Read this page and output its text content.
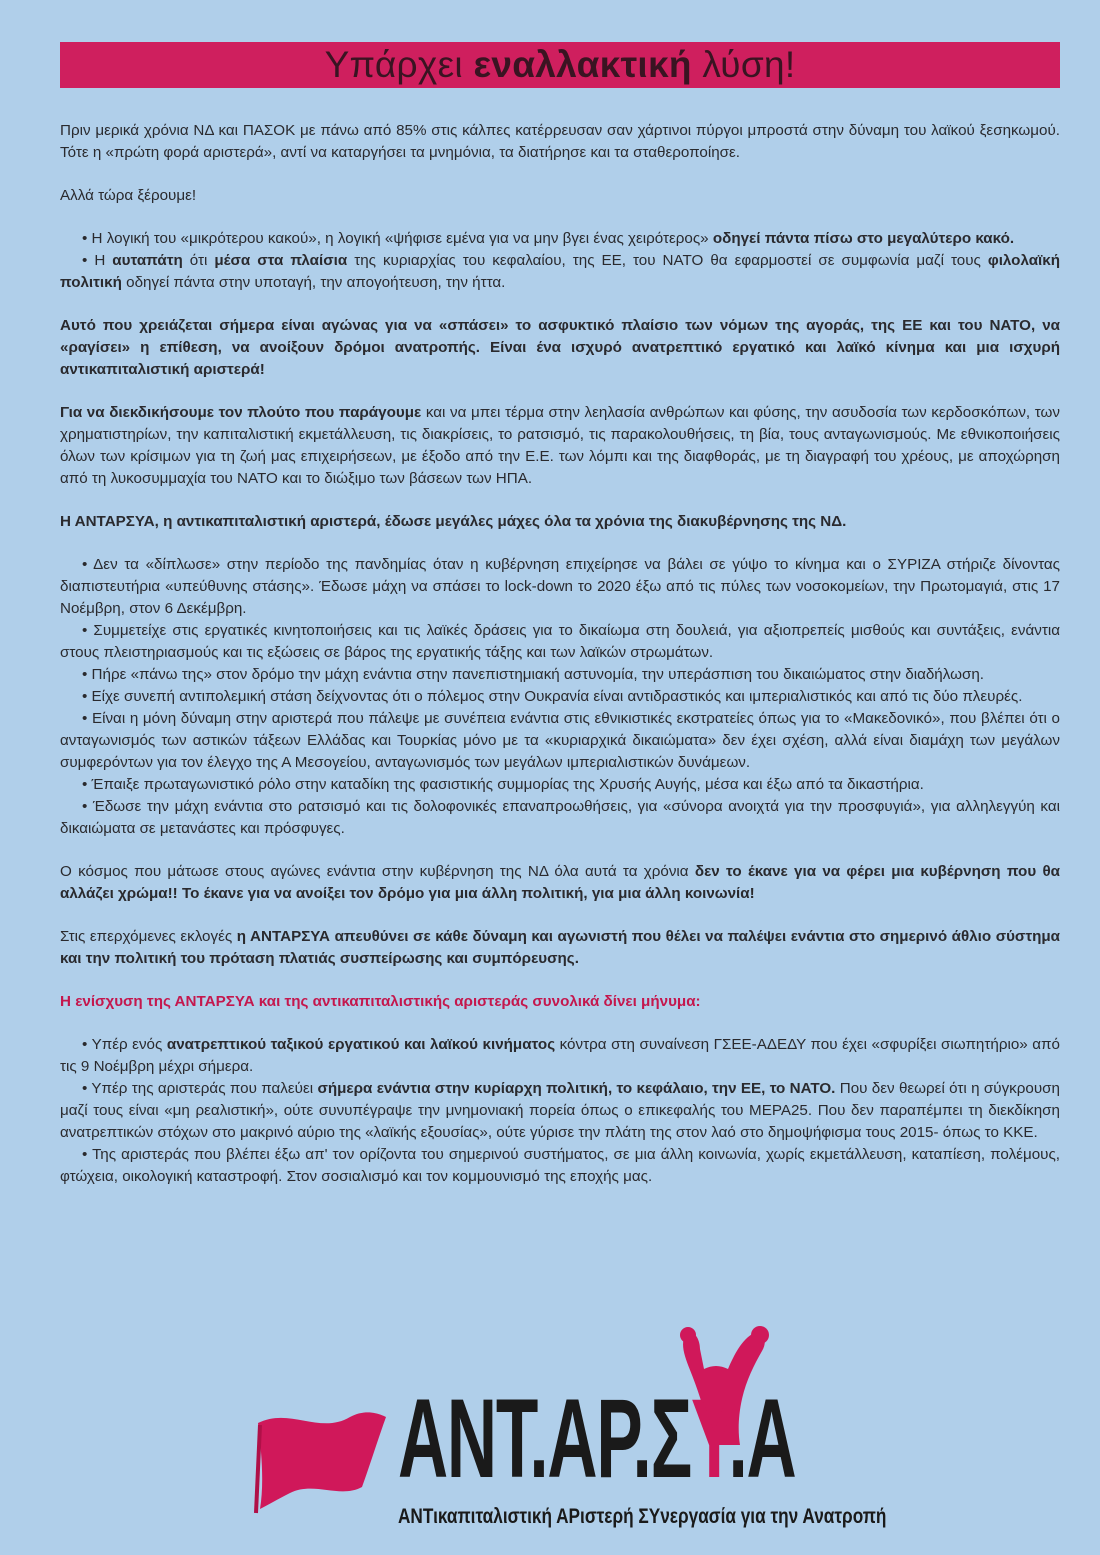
Υπάρχει εναλλακτική λύση!

Πριν μερικά χρόνια ΝΔ και ΠΑΣΟΚ με πάνω από 85% στις κάλπες κατέρρευσαν σαν χάρτινοι πύργοι μπροστά στην δύναμη του λαϊκού ξεσηκωμού. Τότε η «πρώτη φορά αριστερά», αντί να καταργήσει τα μνημόνια, τα διατήρησε και τα σταθεροποίησε.

Αλλά τώρα ξέρουμε!

• Η λογική του «μικρότερου κακού», η λογική «ψήφισε εμένα για να μην βγει ένας χειρότερος» οδηγεί πάντα πίσω στο μεγαλύτερο κακό.

• Η αυταπάτη ότι μέσα στα πλαίσια της κυριαρχίας του κεφαλαίου, της ΕΕ, του ΝΑΤΟ θα εφαρμοστεί σε συμφωνία μαζί τους φιλολαϊκή πολιτική οδηγεί πάντα στην υποταγή, την απογοήτευση, την ήττα.

Αυτό που χρειάζεται σήμερα είναι αγώνας για να «σπάσει» το ασφυκτικό πλαίσιο των νόμων της αγοράς, της ΕΕ και του ΝΑΤΟ, να «ραγίσει» η επίθεση, να ανοίξουν δρόμοι ανατροπής. Είναι ένα ισχυρό ανατρεπτικό εργατικό και λαϊκό κίνημα και μια ισχυρή αντικαπιταλιστική αριστερά!

Για να διεκδικήσουμε τον πλούτο που παράγουμε και να μπει τέρμα στην λεηλασία ανθρώπων και φύσης, την ασυδοσία των κερδοσκόπων, των χρηματιστηρίων, την καπιταλιστική εκμετάλλευση, τις διακρίσεις, το ρατσισμό, τις παρακολουθήσεις, τη βία, τους ανταγωνισμούς. Με εθνικοποιήσεις όλων των κρίσιμων για τη ζωή μας επιχειρήσεων, με έξοδο από την Ε.Ε. των λόμπι και της διαφθοράς, με τη διαγραφή του χρέους, με αποχώρηση από τη λυκοσυμμαχία του ΝΑΤΟ και το διώξιμο των βάσεων των ΗΠΑ.

Η ΑΝΤΑΡΣΥΑ, η αντικαπιταλιστική αριστερά, έδωσε μεγάλες μάχες όλα τα χρόνια της διακυβέρνησης της ΝΔ.

• Δεν τα «δίπλωσε» στην περίοδο της πανδημίας όταν η κυβέρνηση επιχείρησε να βάλει σε γύψο το κίνημα και ο ΣΥΡΙΖΑ στήριζε δίνοντας διαπιστευτήρια «υπεύθυνης στάσης». Έδωσε μάχη να σπάσει το lock-down το 2020 έξω από τις πύλες των νοσοκομείων, την Πρωτομαγιά, στις 17 Νοέμβρη, στον 6 Δεκέμβρη.

• Συμμετείχε στις εργατικές κινητοποιήσεις και τις λαϊκές δράσεις για το δικαίωμα στη δουλειά, για αξιοπρεπείς μισθούς και συντάξεις, ενάντια στους πλειστηριασμούς και τις εξώσεις σε βάρος της εργατικής τάξης και των λαϊκών στρωμάτων.

• Πήρε «πάνω της» στον δρόμο την μάχη ενάντια στην πανεπιστημιακή αστυνομία, την υπεράσπιση του δικαιώματος στην διαδήλωση.

• Είχε συνεπή αντιπολεμική στάση δείχνοντας ότι ο πόλεμος στην Ουκρανία είναι αντιδραστικός και ιμπεριαλιστικός και από τις δύο πλευρές.

• Είναι η μόνη δύναμη στην αριστερά που πάλεψε με συνέπεια ενάντια στις εθνικιστικές εκστρατείες όπως για το «Μακεδονικό», που βλέπει ότι ο ανταγωνισμός των αστικών τάξεων Ελλάδας και Τουρκίας μόνο με τα «κυριαρχικά δικαιώματα» δεν έχει σχέση, αλλά είναι διαμάχη των μεγάλων συμφερόντων για τον έλεγχο της Α Μεσογείου, ανταγωνισμός των μεγάλων ιμπεριαλιστικών δυνάμεων.

• Έπαιξε πρωταγωνιστικό ρόλο στην καταδίκη της φασιστικής συμμορίας της Χρυσής Αυγής, μέσα και έξω από τα δικαστήρια.

• Έδωσε την μάχη ενάντια στο ρατσισμό και τις δολοφονικές επαναπροωθήσεις, για «σύνορα ανοιχτά για την προσφυγιά», για αλληλεγγύη και δικαιώματα σε μετανάστες και πρόσφυγες.

Ο κόσμος που μάτωσε στους αγώνες ενάντια στην κυβέρνηση της ΝΔ όλα αυτά τα χρόνια δεν το έκανε για να φέρει μια κυβέρνηση που θα αλλάζει χρώμα!! Το έκανε για να ανοίξει τον δρόμο για μια άλλη πολιτική, για μια άλλη κοινωνία!

Στις επερχόμενες εκλογές η ΑΝΤΑΡΣΥΑ απευθύνει σε κάθε δύναμη και αγωνιστή που θέλει να παλέψει ενάντια στο σημερινό άθλιο σύστημα και την πολιτική του πρόταση πλατιάς συσπείρωσης και συμπόρευσης.

Η ενίσχυση της ΑΝΤΑΡΣΥΑ και της αντικαπιταλιστικής αριστεράς συνολικά δίνει μήνυμα:

• Υπέρ ενός ανατρεπτικού ταξικού εργατικού και λαϊκού κινήματος κόντρα στη συναίνεση ΓΣΕΕ-ΑΔΕΔΥ που έχει «σφυρίξει σιωπητήριο» από τις 9 Νοέμβρη μέχρι σήμερα.

• Υπέρ της αριστεράς που παλεύει σήμερα ενάντια στην κυρίαρχη πολιτική, το κεφάλαιο, την ΕΕ, το ΝΑΤΟ. Που δεν θεωρεί ότι η σύγκρουση μαζί τους είναι «μη ρεαλιστική», ούτε συνυπέγραψε την μνημονιακή πορεία όπως ο επικεφαλής του ΜΕΡΑ25. Που δεν παραπέμπει τη διεκδίκηση ανατρεπτικών στόχων στο μακρινό αύριο της «λαϊκής εξουσίας», ούτε γύρισε την πλάτη της στον λαό στο δημοψήφισμα τους 2015- όπως το ΚΚΕ.

• Της αριστεράς που βλέπει έξω απ' τον ορίζοντα του σημερινού συστήματος, σε μια άλλη κοινωνία, χωρίς εκμετάλλευση, καταπίεση, πολέμους, φτώχεια, οικολογική καταστροφή. Στον σοσιαλισμό και τον κομμουνισμό της εποχής μας.

ΑΝΤ.ΑΡ.ΣΥ.Α
ΑΝΤικαπιταλιστική ΑΡιστερή ΣΥνεργασία για την Ανατροπή
